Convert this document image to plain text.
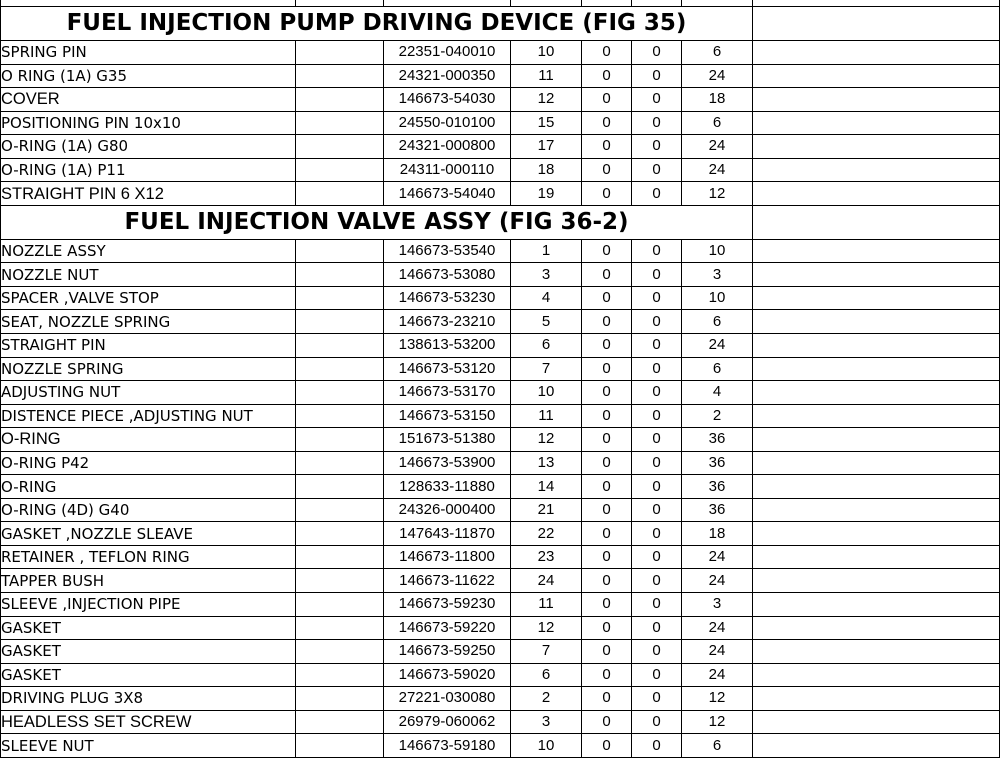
FUEL INJECTION PUMP DRIVING DEVICE (FIG 35)							
SPRING PIN		22351-040010	10	0	0	6	
O RING (1A) G35		24321-000350	11	0	0	24	
COVER		146673-54030	12	0	0	18	
POSITIONING PIN 10x10		24550-010100	15	0	0	6	
O-RING (1A) G80		24321-000800	17	0	0	24	
O-RING (1A) P11		24311-000110	18	0	0	24	
STRAIGHT PIN 6 X12		146673-54040	19	0	0	12	
FUEL INJECTION VALVE ASSY (FIG 36-2)							
NOZZLE ASSY		146673-53540	1	0	0	10	
NOZZLE NUT		146673-53080	3	0	0	3	
SPACER ,VALVE STOP		146673-53230	4	0	0	10	
SEAT, NOZZLE SPRING		146673-23210	5	0	0	6	
STRAIGHT PIN		138613-53200	6	0	0	24	
NOZZLE SPRING		146673-53120	7	0	0	6	
ADJUSTING NUT		146673-53170	10	0	0	4	
DISTENCE PIECE ,ADJUSTING NUT		146673-53150	11	0	0	2	
O-RING		151673-51380	12	0	0	36	
O-RING P42		146673-53900	13	0	0	36	
O-RING		128633-11880	14	0	0	36	
O-RING (4D) G40		24326-000400	21	0	0	36	
GASKET ,NOZZLE SLEAVE		147643-11870	22	0	0	18	
RETAINER , TEFLON RING		146673-11800	23	0	0	24	
TAPPER BUSH		146673-11622	24	0	0	24	
SLEEVE ,INJECTION PIPE		146673-59230	11	0	0	3	
GASKET		146673-59220	12	0	0	24	
GASKET		146673-59250	7	0	0	24	
GASKET		146673-59020	6	0	0	24	
DRIVING PLUG 3X8		27221-030080	2	0	0	12	
HEADLESS SET SCREW		26979-060062	3	0	0	12	
SLEEVE NUT		146673-59180	10	0	0	6	
